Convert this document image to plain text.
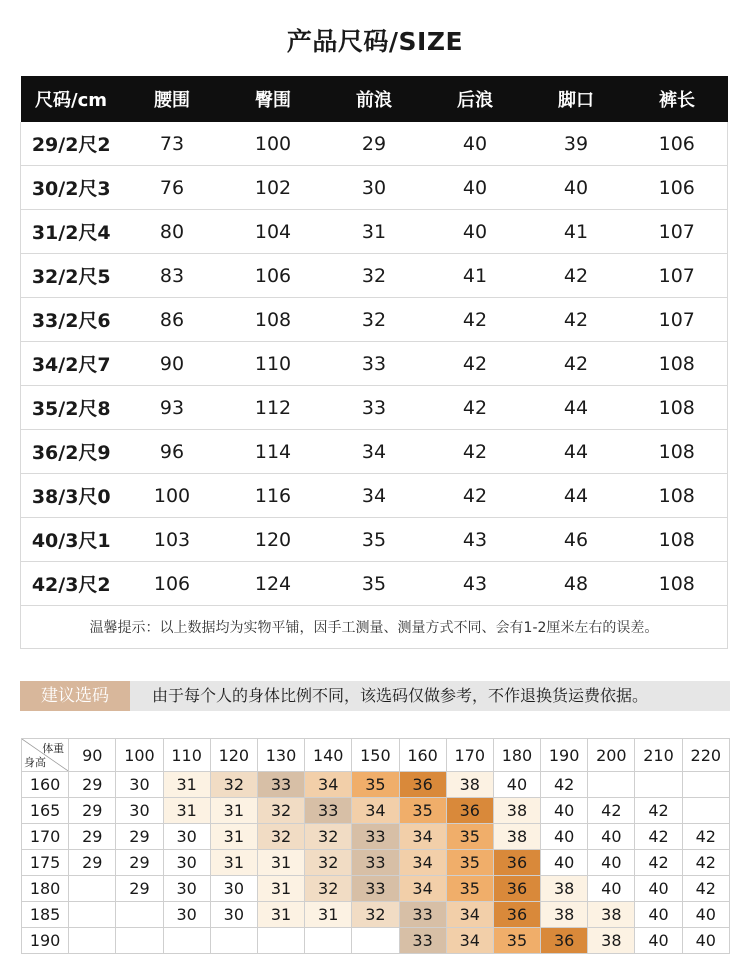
产品尺码/SIZE
尺码/cm	腰围	臀围	前浪	后浪	脚口	裤长
29/2尺2	73	100	29	40	39	106
30/2尺3	76	102	30	40	40	106
31/2尺4	80	104	31	40	41	107
32/2尺5	83	106	32	41	42	107
33/2尺6	86	108	32	42	42	107
34/2尺7	90	110	33	42	42	108
35/2尺8	93	112	33	42	44	108
36/2尺9	96	114	34	42	44	108
38/3尺0	100	116	34	42	44	108
40/3尺1	103	120	35	43	46	108
42/3尺2	106	124	35	43	48	108
温馨提示：以上数据均为实物平铺，因手工测量、测量方式不同、会有1-2厘米左右的误差。						
建议选码	由于每个人的身体比例不同，该选码仅做参考，不作退换货运费依据。
体重
身高	90	100	110	120	130	140	150	160	170	180	190	200	210	220
160	29	30	31	32	33	34	35	36	38	40	42			
165	29	30	31	31	32	33	34	35	36	38	40	42	42	
170	29	29	30	31	32	32	33	34	35	38	40	40	42	42
175	29	29	30	31	31	32	33	34	35	36	40	40	42	42
180		29	30	30	31	32	33	34	35	36	38	40	40	42
185			30	30	31	31	32	33	34	36	38	38	40	40
190								33	34	35	36	38	40	40
